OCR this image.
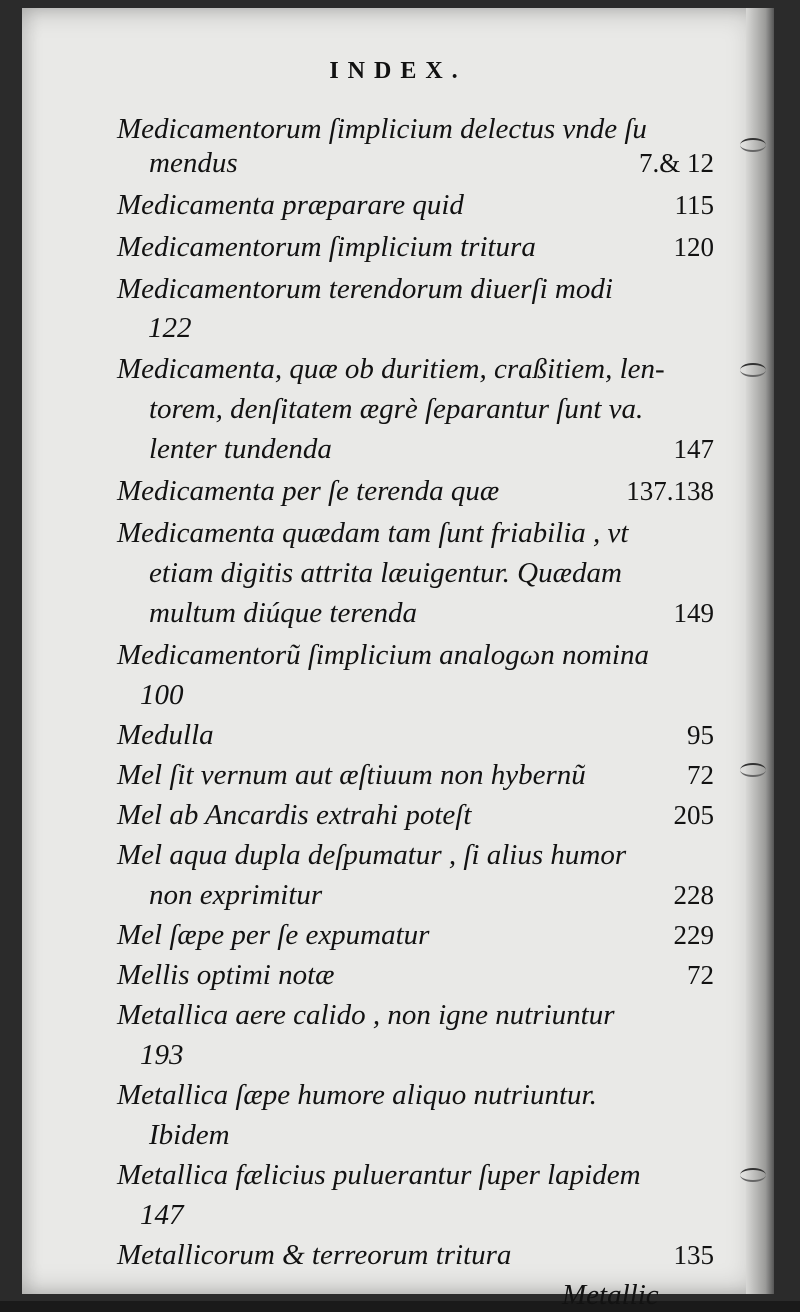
INDEX.
Medicamentorum ſimplicium delectus vnde ſu
mendus	7.& 12
Medicamenta præparare quid	115
Medicamentorum ſimplicium tritura	120
Medicamentorum terendorum diuerſi modi
122
Medicamenta, quæ ob duritiem, craßitiem, len-
torem, denſitatem ægrè ſeparantur ſunt va.
lenter tundenda	147
Medicamenta per ſe terenda quæ	137.138
Medicamenta quædam tam ſunt friabilia , vt
etiam digitis attrita læuigentur. Quædam
multum diúque terenda	149
Medicamentorũ ſimplicium analogωn nomina
100
Medulla	95
Mel ſit vernum aut æſtiuum non hybernũ	72
Mel ab Ancardis extrahi poteſt	205
Mel aqua dupla deſpumatur , ſi alius humor
non exprimitur	228
Mel ſæpe per ſe expumatur	229
Mellis optimi notæ	72
Metallica aere calido , non igne nutriuntur
193
Metallica ſæpe humore aliquo nutriuntur.
Ibidem
Metallica fælicius puluerantur ſuper lapidem
147
Metallicorum & terreorum tritura	135
Metallic
